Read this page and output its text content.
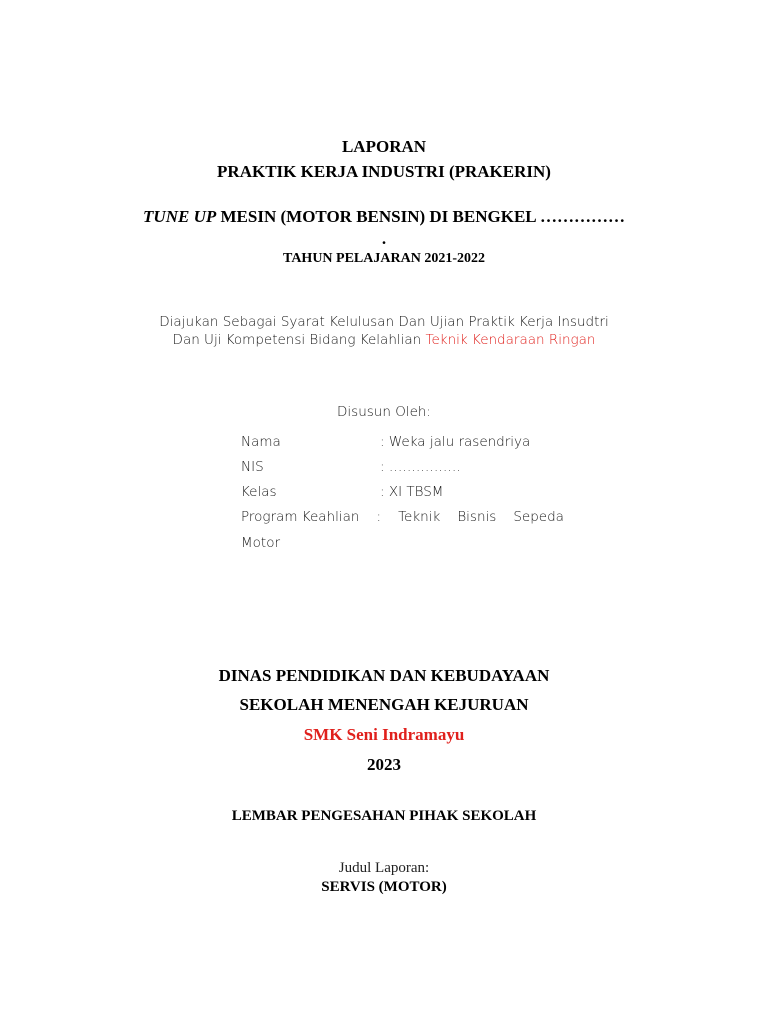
LAPORAN
PRAKTIK KERJA INDUSTRI (PRAKERIN)
TUNE UP MESIN (MOTOR BENSIN) DI BENGKEL ……………
.
TAHUN PELAJARAN 2021-2022
Diajukan Sebagai Syarat Kelulusan Dan Ujian Praktik Kerja Insudtri
Dan Uji Kompetensi Bidang Kelahlian Teknik Kendaraan Ringan
Disusun Oleh:
Nama	: Weka jalu rasendriya
NIS	: …………….
Kelas	: XI TBSM
Program Keahlian : Teknik Bisnis Sepeda
Motor
DINAS PENDIDIKAN DAN KEBUDAYAAN
SEKOLAH MENENGAH KEJURUAN
SMK Seni Indramayu
2023
LEMBAR PENGESAHAN PIHAK SEKOLAH
Judul Laporan:
SERVIS (MOTOR)
